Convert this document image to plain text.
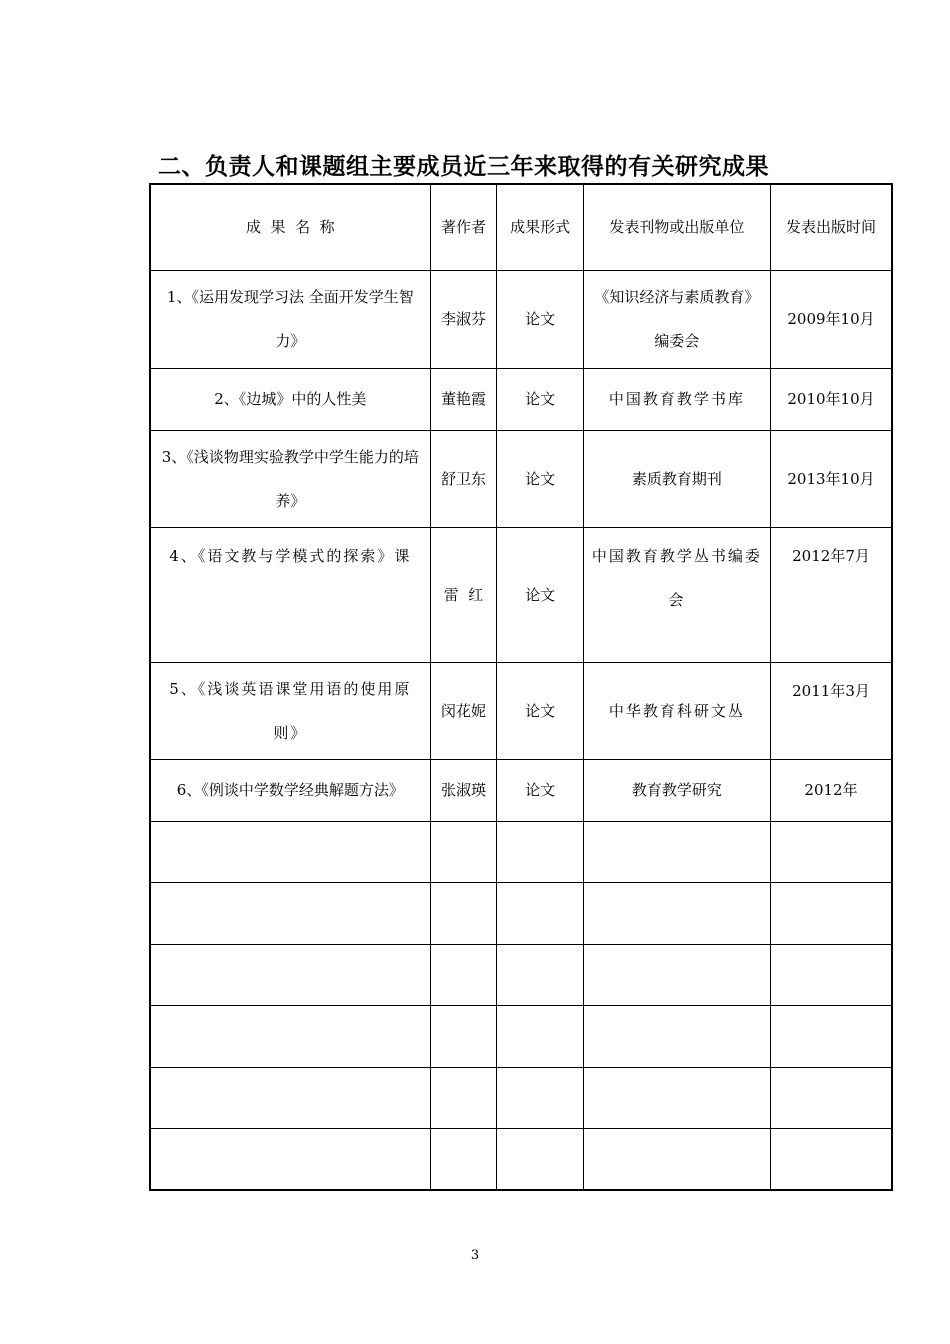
二、负责人和课题组主要成员近三年来取得的有关研究成果
成  果  名  称	著作者	成果形式	发表刊物或出版单位	发表出版时间
1、《运用发现学习法 全面开发学生智力》	李淑芬	论文	《知识经济与素质教育》编委会	2009年10月
2、《边城》中的人性美	董艳霞	论文	中国教育教学书库	2010年10月
3、《浅谈物理实验教学中学生能力的培养》	舒卫东	论文	素质教育期刊	2013年10月
4、《语文教与学模式的探索》课	雷  红	论文	中国教育教学丛书编委会	2012年7月
5、《浅谈英语课堂用语的使用原则》	闵花妮	论文	中华教育科研文丛	2011年3月
6、《例谈中学数学经典解题方法》	张淑瑛	论文	教育教学研究	2012年

3
